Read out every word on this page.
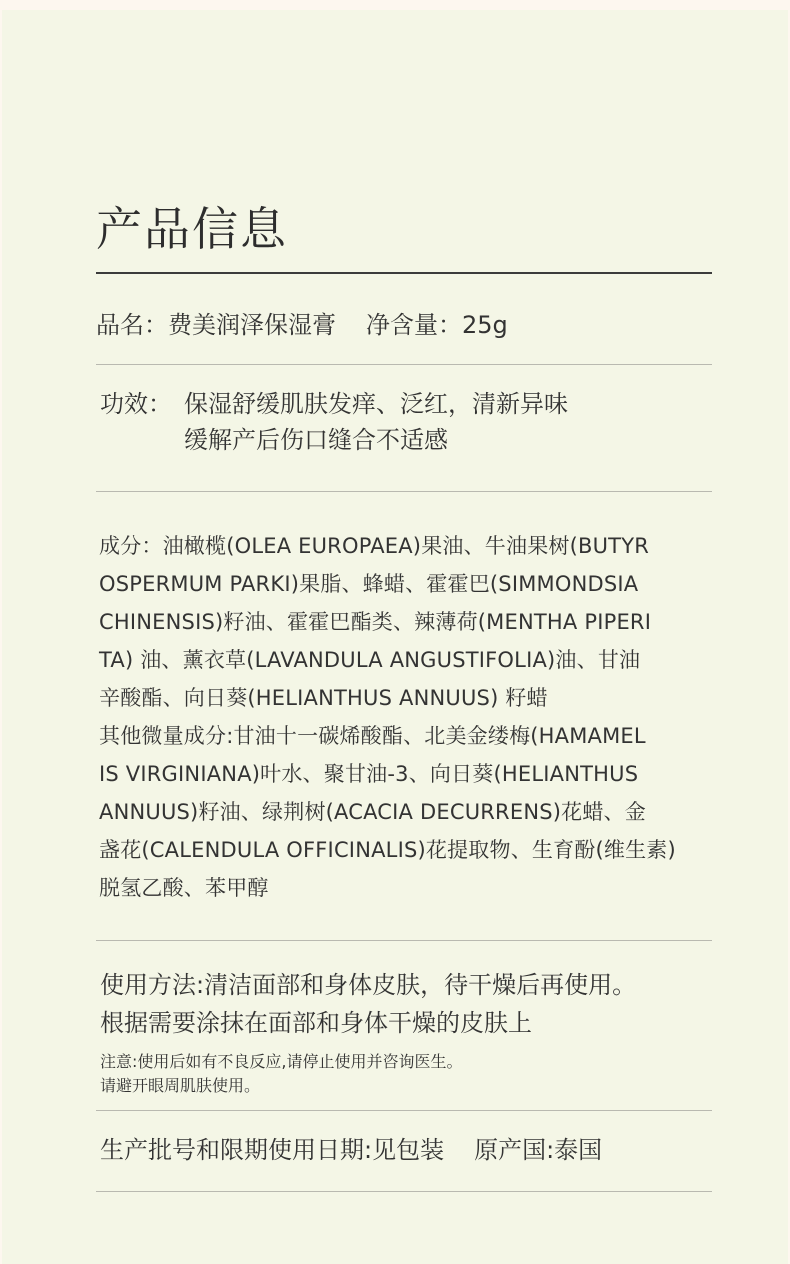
产品信息
品名：费美润泽保湿膏 净含量：25g
功效： 保湿舒缓肌肤发痒、泛红，清新异味
缓解产后伤口缝合不适感

成分：油橄榄(OLEA EUROPAEA)果油、牛油果树(BUTYR

OSPERMUM PARKI)果脂、蜂蜡、霍霍巴(SIMMONDSIA

CHINENSIS)籽油、霍霍巴酯类、辣薄荷(MENTHA PIPERI

TA) 油、薰衣草(LAVANDULA ANGUSTIFOLIA)油、甘油

辛酸酯、向日葵(HELIANTHUS ANNUUS) 籽蜡

其他微量成分:甘油十一碳烯酸酯、北美金缕梅(HAMAMEL

IS VIRGINIANA)叶水、聚甘油-3、向日葵(HELIANTHUS

ANNUUS)籽油、绿荆树(ACACIA DECURRENS)花蜡、金

盏花(CALENDULA OFFICINALIS)花提取物、生育酚(维生素)

脱氢乙酸、苯甲醇

使用方法:清洁面部和身体皮肤，待干燥后再使用。
根据需要涂抹在面部和身体干燥的皮肤上
注意:使用后如有不良反应,请停止使用并咨询医生。
请避开眼周肌肤使用。
生产批号和限期使用日期:见包装 原产国:泰国
